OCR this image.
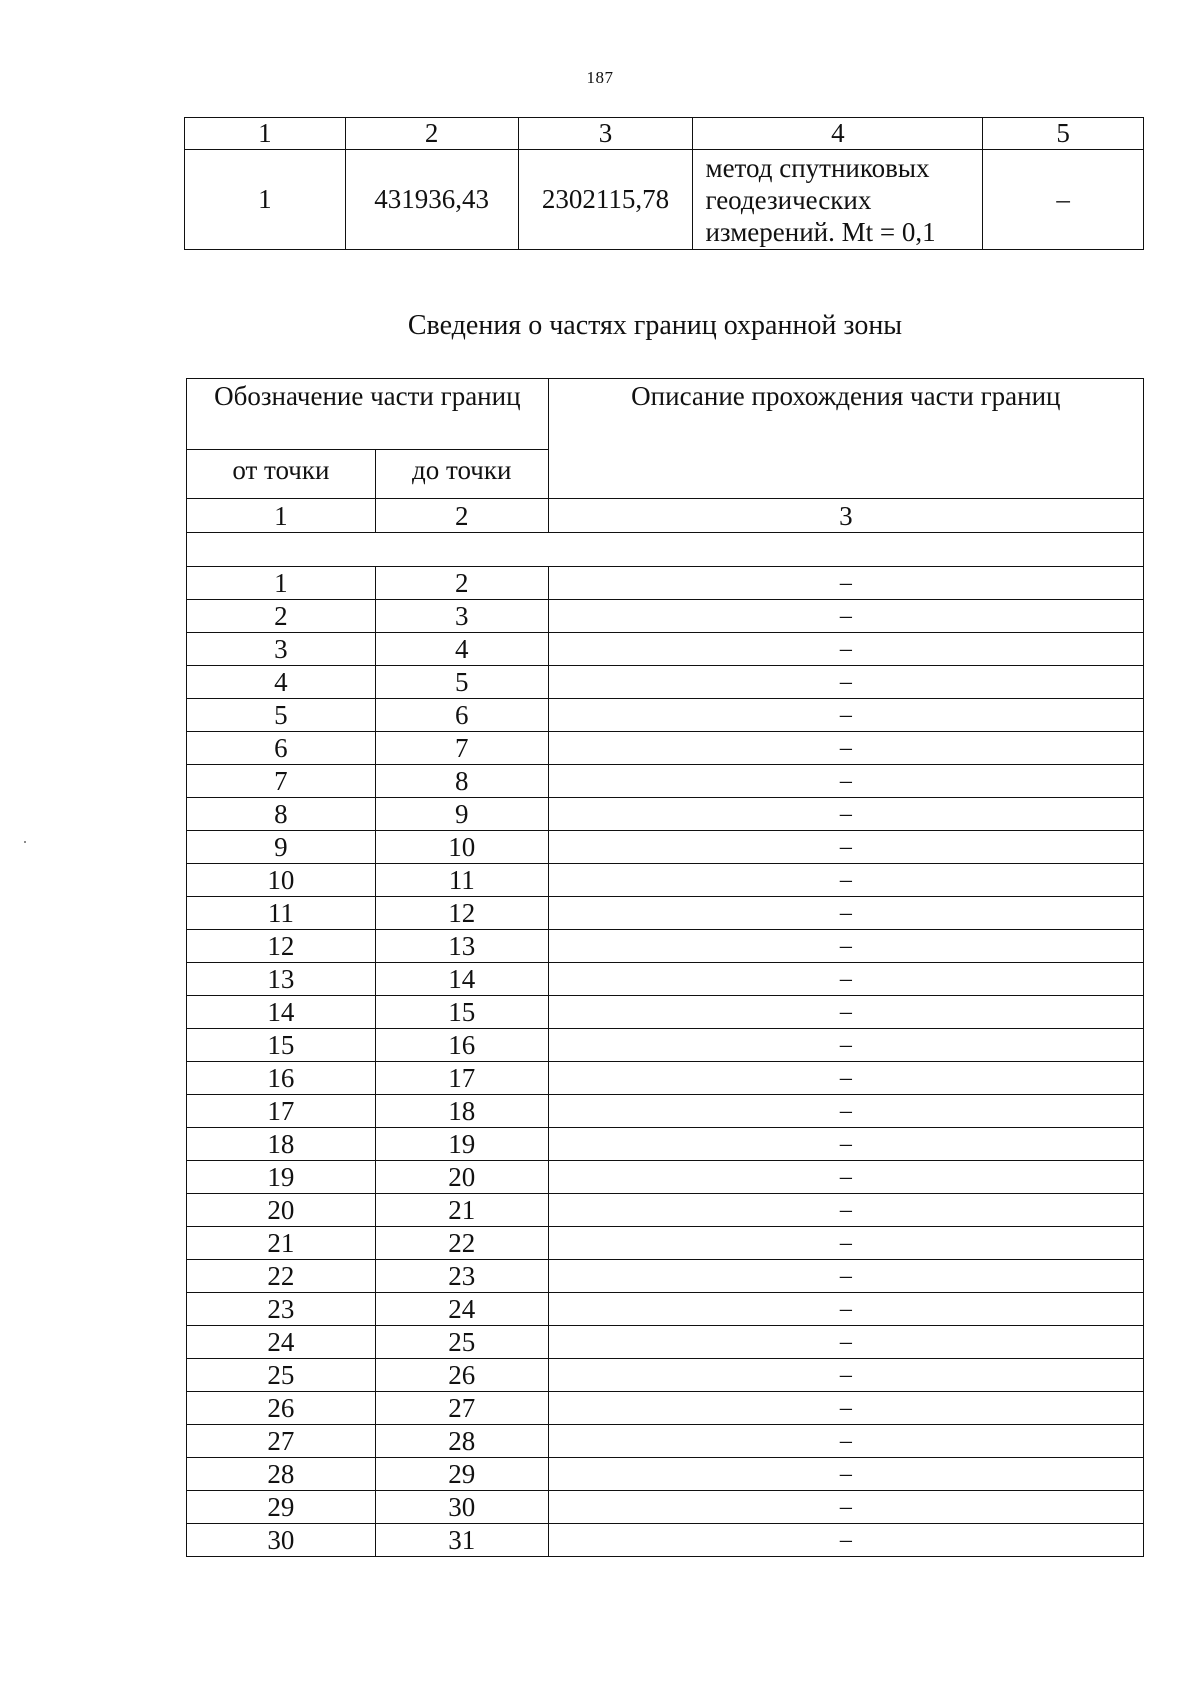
187
1	2	3	4	5
1	431936,43	2302115,78	метод спутниковых
геодезических
измерений. Mt = 0,1	–
Сведения о частях границ охранной зоны
Обозначение части границ		Описание прохождения части границ
от точки	до точки	
1	2	3

1	2	–
2	3	–
3	4	–
4	5	–
5	6	–
6	7	–
7	8	–
8	9	–
9	10	–
10	11	–
11	12	–
12	13	–
13	14	–
14	15	–
15	16	–
16	17	–
17	18	–
18	19	–
19	20	–
20	21	–
21	22	–
22	23	–
23	24	–
24	25	–
25	26	–
26	27	–
27	28	–
28	29	–
29	30	–
30	31	–
